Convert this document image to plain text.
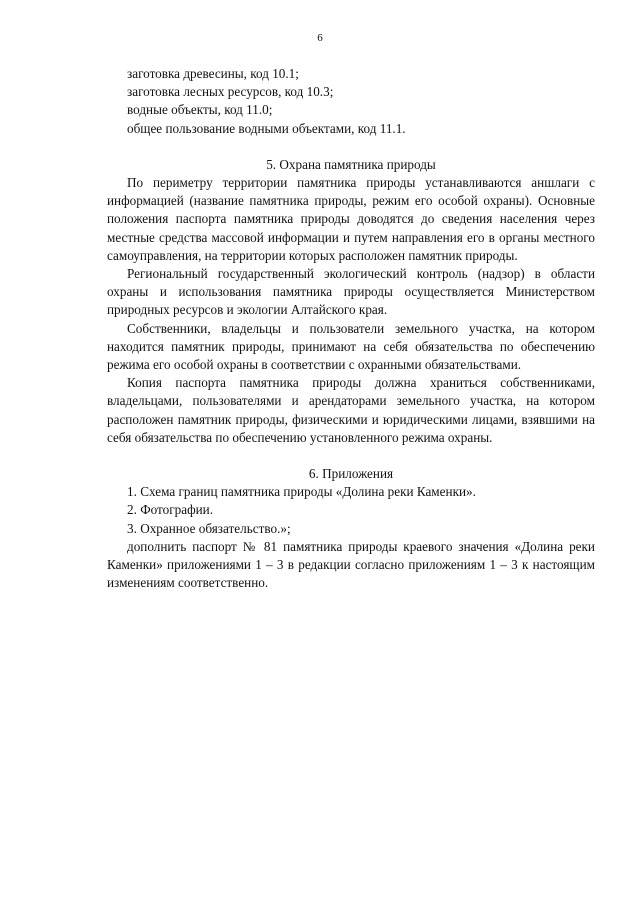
6

заготовка древесины, код 10.1;

заготовка лесных ресурсов, код 10.3;

водные объекты, код 11.0;

общее пользование водными объектами, код 11.1.

5. Охрана памятника природы

По периметру территории памятника природы устанавливаются аншлаги с информацией (название памятника природы, режим его особой охраны). Основные положения паспорта памятника природы доводятся до сведения населения через местные средства массовой информации и путем направления его в органы местного самоуправления, на территории которых расположен памятник природы.

Региональный государственный экологический контроль (надзор) в области охраны и использования памятника природы осуществляется Министерством природных ресурсов и экологии Алтайского края.

Собственники, владельцы и пользователи земельного участка, на котором находится памятник природы, принимают на себя обязательства по обеспечению режима его особой охраны в соответствии с охранными обязательствами.

Копия паспорта памятника природы должна храниться собственниками, владельцами, пользователями и арендаторами земельного участка, на котором расположен памятник природы, физическими и юридическими лицами, взявшими на себя обязательства по обеспечению установленного режима охраны.

6. Приложения

1. Схема границ памятника природы «Долина реки Каменки».

2. Фотографии.

3. Охранное обязательство.»;

дополнить паспорт № 81 памятника природы краевого значения «Долина реки Каменки» приложениями 1 – 3 в редакции согласно приложениям 1 – 3 к настоящим изменениям соответственно.
